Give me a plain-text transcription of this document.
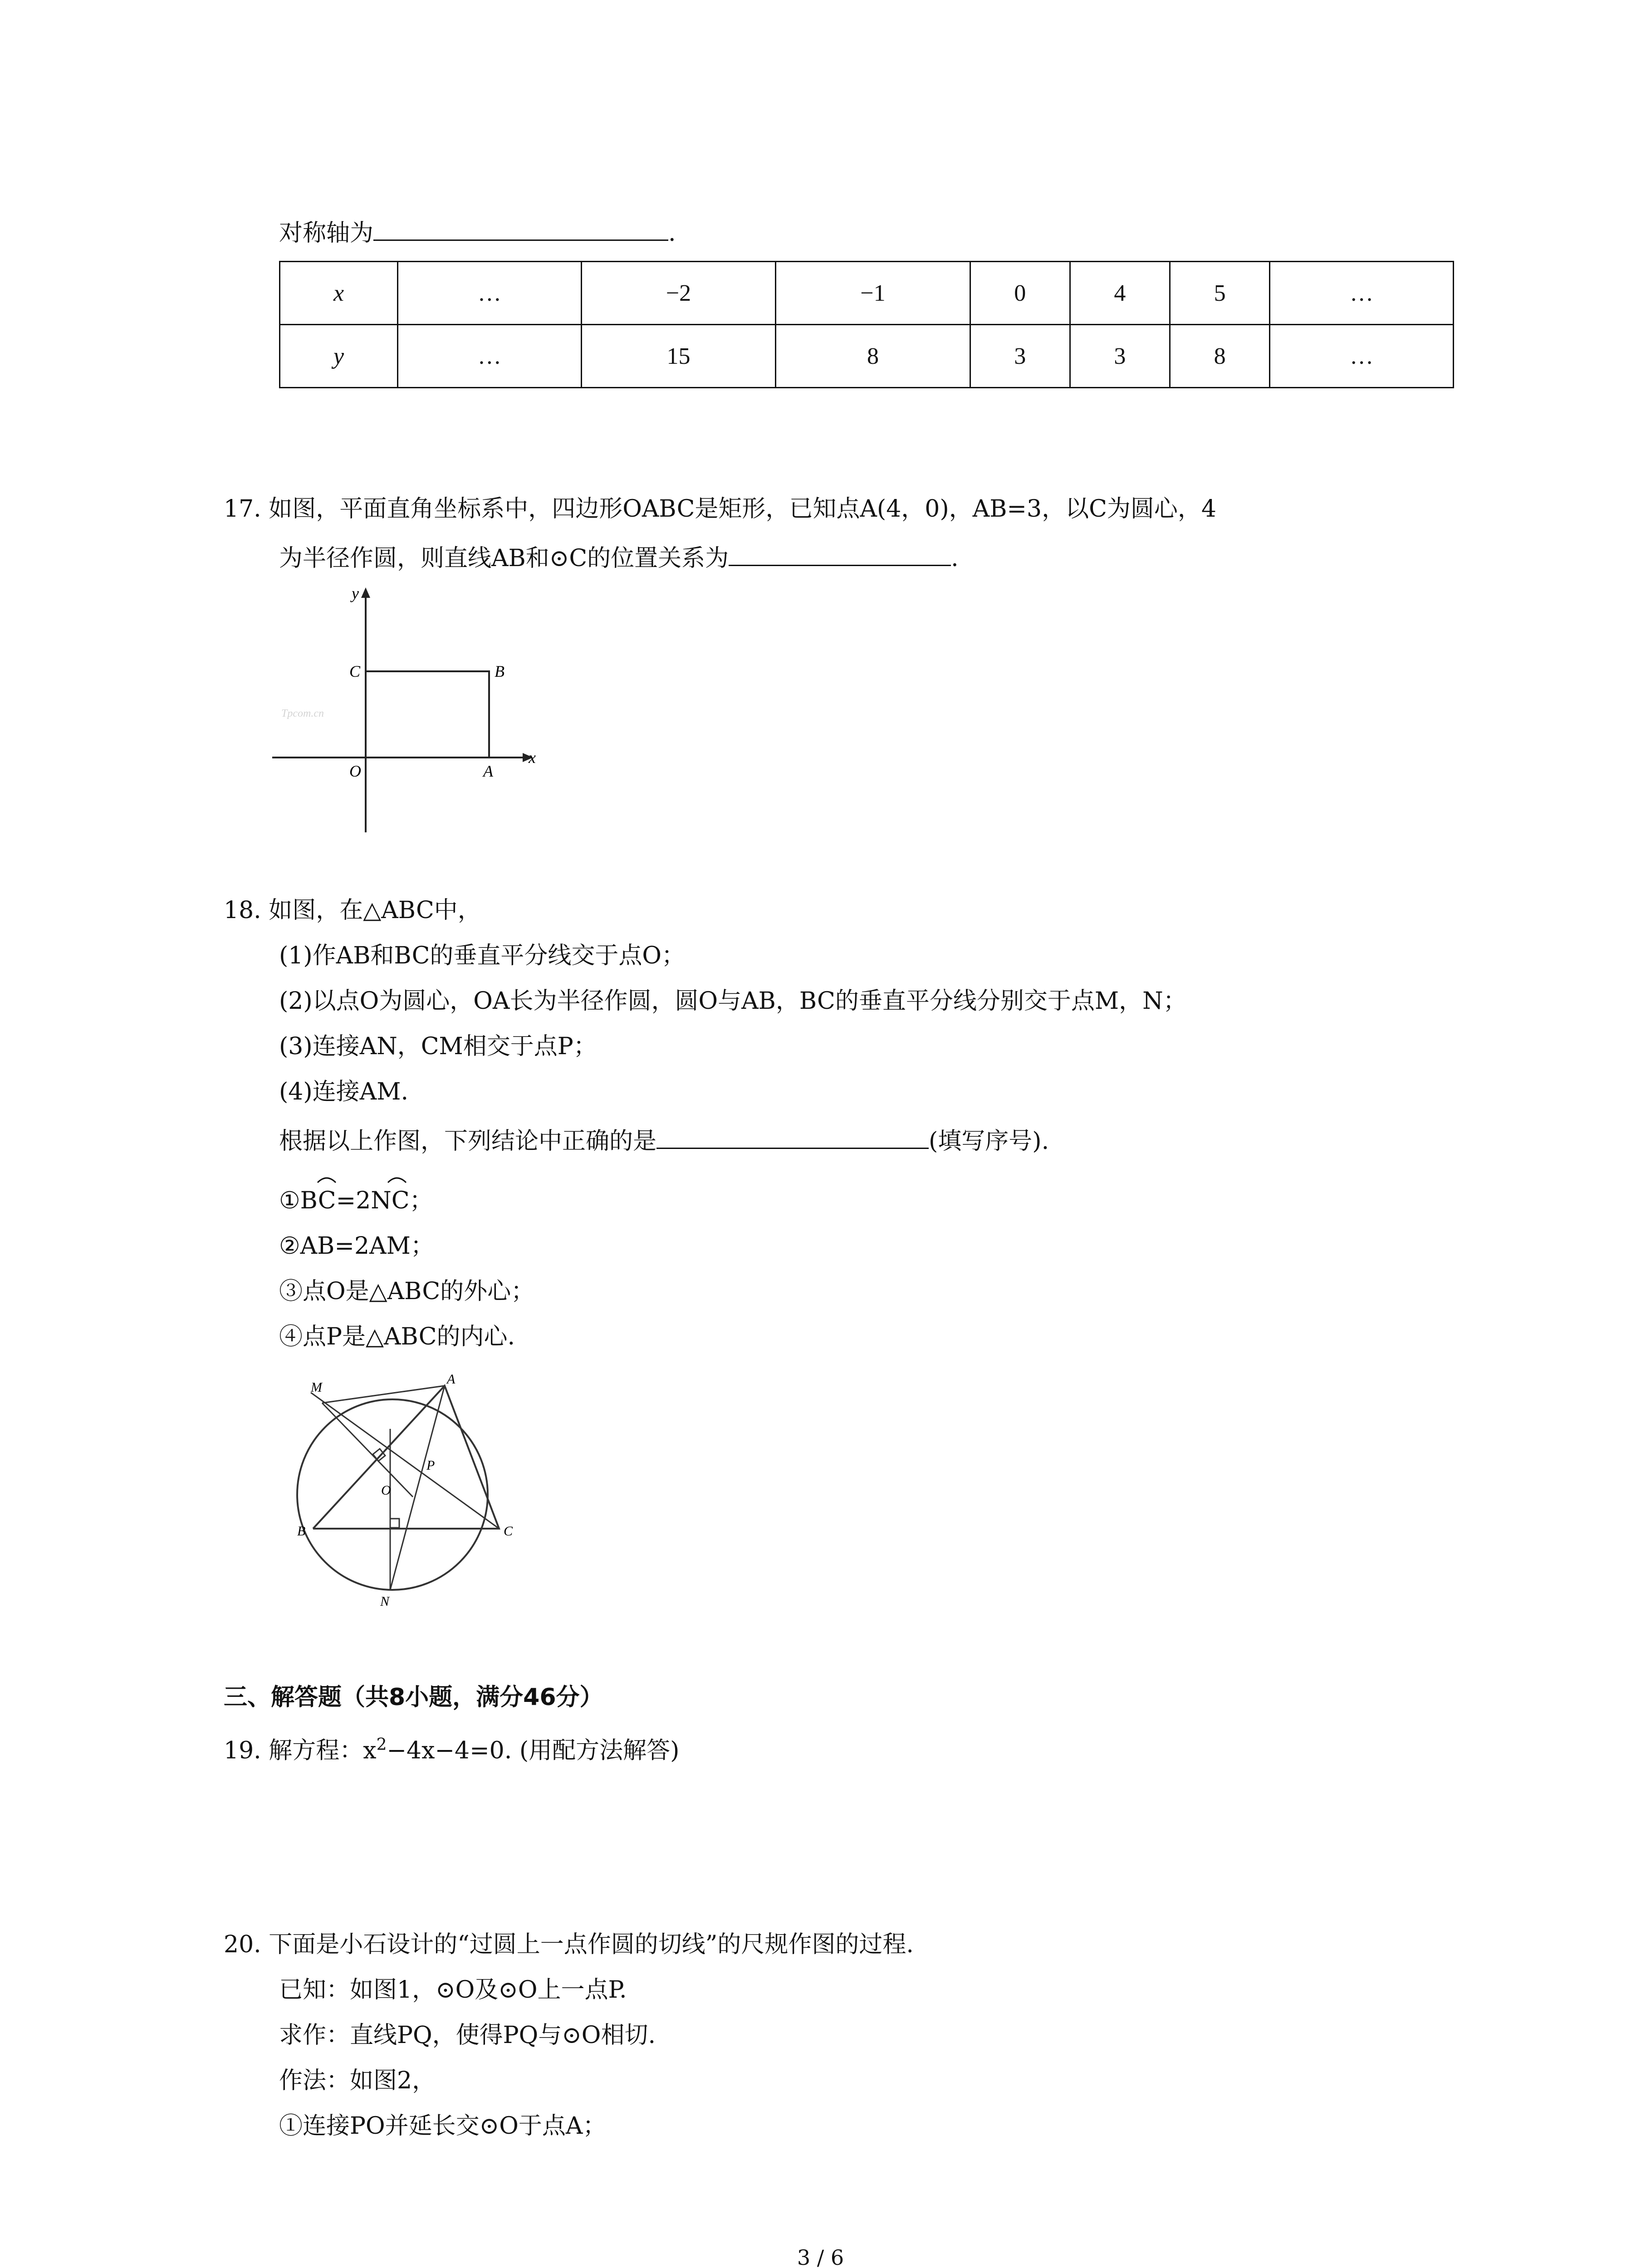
对称轴为	.
x	…	−2	−1	0	4	5	…
y	…	15	8	3	3	8	…
17. 如图，平面直角坐标系中，四边形OABC是矩形，已知点A(4，0)，AB=3，以C为圆心，4
为半径作圆，则直线AB和⊙C的位置关系为	.
y
x
C	B
O	A
Tpcom.cn
18. 如图，在△ABC中，
(1)作AB和BC的垂直平分线交于点O；
(2)以点O为圆心，OA长为半径作圆，圆O与AB，BC的垂直平分线分别交于点M，N；
(3)连接AN，CM相交于点P；
(4)连接AM.
根据以上作图，下列结论中正确的是	(填写序号).
①BC=2NC；
②AB=2AM；
③点O是△ABC的外心；
④点P是△ABC的内心.
M
A
P
O
B	C
N
三、解答题（共8小题，满分46分）
19. 解方程：$x^2-4x-4=0$. (用配方法解答)
20. 下面是小石设计的“过圆上一点作圆的切线”的尺规作图的过程.
已知：如图1，⊙O及⊙O上一点P.
求作：直线PQ，使得PQ与⊙O相切.
作法：如图2，
①连接PO并延长交⊙O于点A；
3 / 6
